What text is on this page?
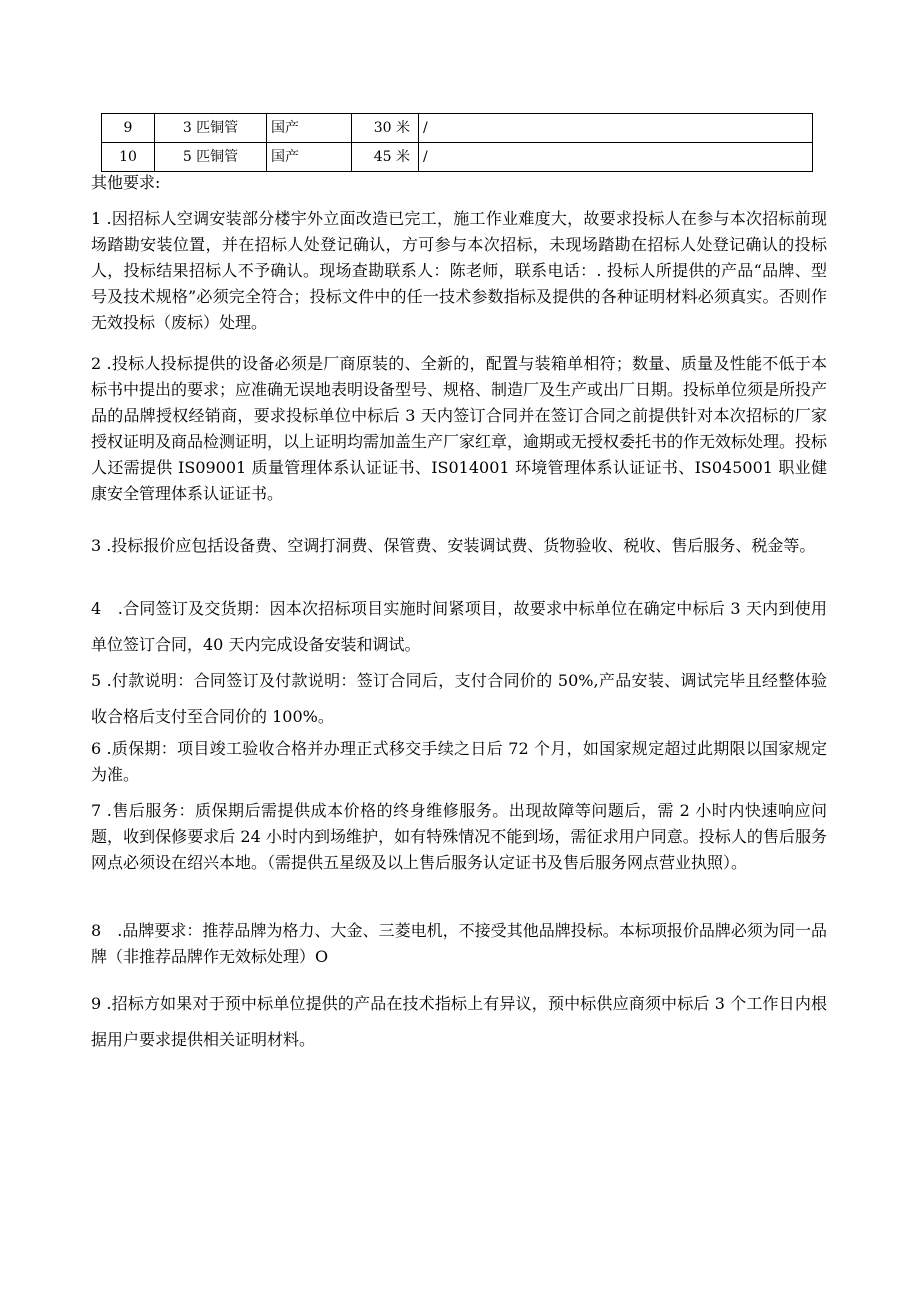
9	3 匹铜管	国产	30 米	/
10	5 匹铜管	国产	45 米	/
其他要求:

1 .因招标人空调安装部分楼宇外立面改造已完工，施工作业难度大，故要求投标人在参与本次招标前现场踏勘安装位置，并在招标人处登记确认，方可参与本次招标，未现场踏勘在招标人处登记确认的投标人，投标结果招标人不予确认。现场查勘联系人：陈老师，联系电话：. 投标人所提供的产品“品牌、型号及技术规格”必须完全符合；投标文件中的任一技术参数指标及提供的各种证明材料必须真实。否则作无效投标（废标）处理。

2 .投标人投标提供的设备必须是厂商原装的、全新的，配置与装箱单相符；数量、质量及性能不低于本标书中提出的要求；应准确无误地表明设备型号、规格、制造厂及生产或出厂日期。投标单位须是所投产品的品牌授权经销商，要求投标单位中标后 3 天内签订合同并在签订合同之前提供针对本次招标的厂家授权证明及商品检测证明，以上证明均需加盖生产厂家红章，逾期或无授权委托书的作无效标处理。投标人还需提供 IS09001 质量管理体系认证证书、IS014001 环境管理体系认证证书、IS045001 职业健康安全管理体系认证证书。

3 .投标报价应包括设备费、空调打洞费、保管费、安装调试费、货物验收、税收、售后服务、税金等。

4　.合同签订及交货期：因本次招标项目实施时间紧项目，故要求中标单位在确定中标后 3 天内到使用单位签订合同，40 天内完成设备安装和调试。

5 .付款说明：合同签订及付款说明：签订合同后，支付合同价的 50%,产品安装、调试完毕且经整体验收合格后支付至合同价的 100%。

6 .质保期：项目竣工验收合格并办理正式移交手续之日后 72 个月，如国家规定超过此期限以国家规定为准。

7 .售后服务：质保期后需提供成本价格的终身维修服务。出现故障等问题后，需 2 小时内快速响应问题，收到保修要求后 24 小时内到场维护，如有特殊情况不能到场，需征求用户同意。投标人的售后服务网点必须设在绍兴本地。（需提供五星级及以上售后服务认定证书及售后服务网点营业执照）。

8　.品牌要求：推荐品牌为格力、大金、三菱电机，不接受其他品牌投标。本标项报价品牌必须为同一品牌（非推荐品牌作无效标处理）O

9 .招标方如果对于预中标单位提供的产品在技术指标上有异议，预中标供应商须中标后 3 个工作日内根据用户要求提供相关证明材料。
